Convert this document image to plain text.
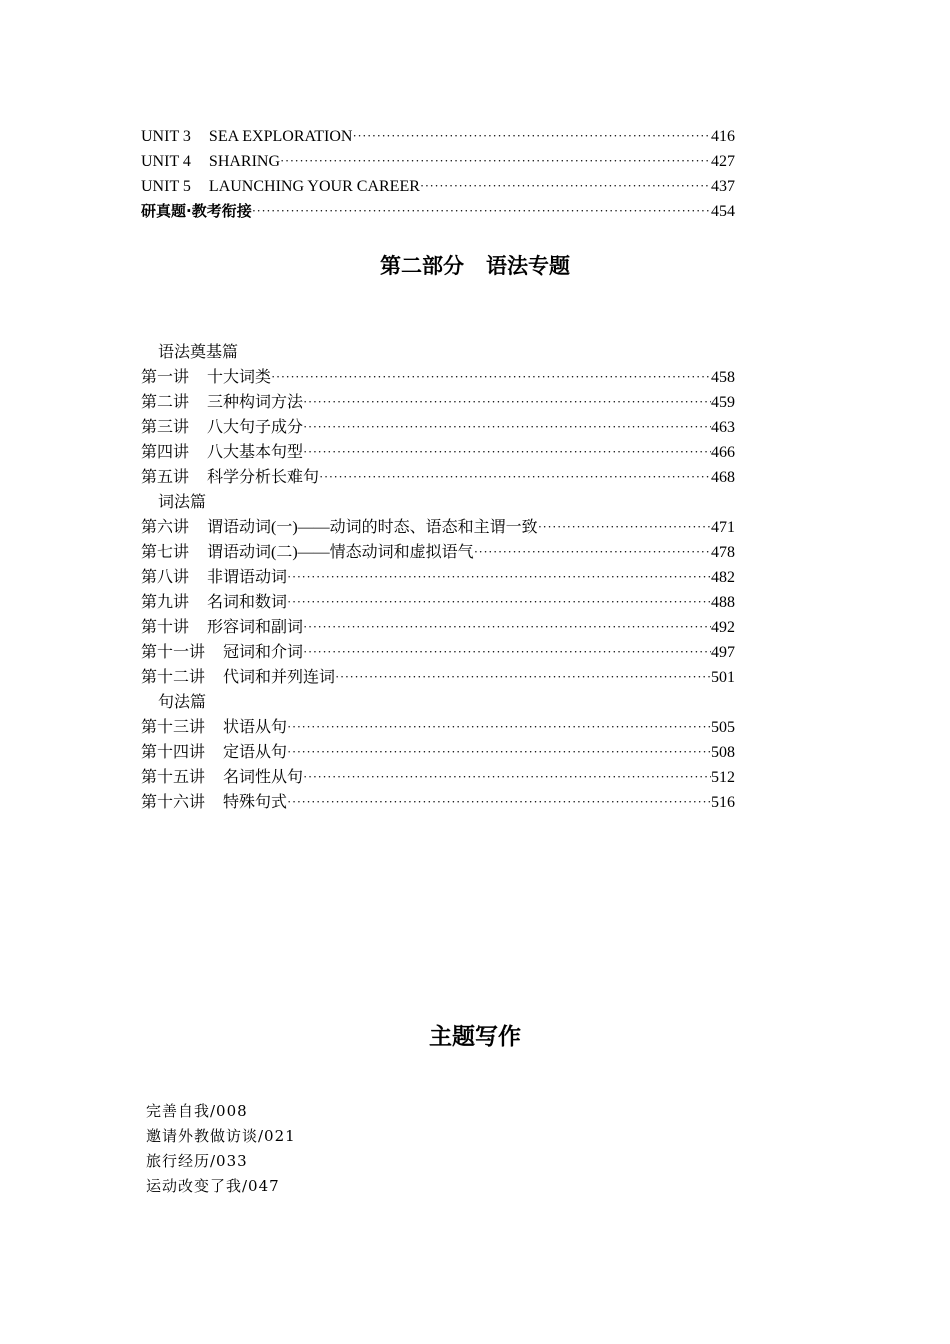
UNIT 3 SEA EXPLORATION ·····	416
UNIT 4 SHARING ·····	427
UNIT 5 LAUNCHING YOUR CAREER ·····	437
研真题·教考衔接 ·····	454
第二部分 语法专题
语法奠基篇
第一讲 十大词类 ·····	458
第二讲 三种构词方法 ·····	459
第三讲 八大句子成分 ·····	463
第四讲 八大基本句型 ·····	466
第五讲 科学分析长难句 ·····	468
词法篇
第六讲 谓语动词(一)——动词的时态、语态和主谓一致 ·····	471
第七讲 谓语动词(二)——情态动词和虚拟语气 ·····	478
第八讲 非谓语动词 ·····	482
第九讲 名词和数词 ·····	488
第十讲 形容词和副词 ·····	492
第十一讲 冠词和介词 ·····	497
第十二讲 代词和并列连词 ·····	501
句法篇
第十三讲 状语从句 ·····	505
第十四讲 定语从句 ·····	508
第十五讲 名词性从句 ·····	512
第十六讲 特殊句式 ·····	516
主题写作
完善自我/008
邀请外教做访谈/021
旅行经历/033
运动改变了我/047
